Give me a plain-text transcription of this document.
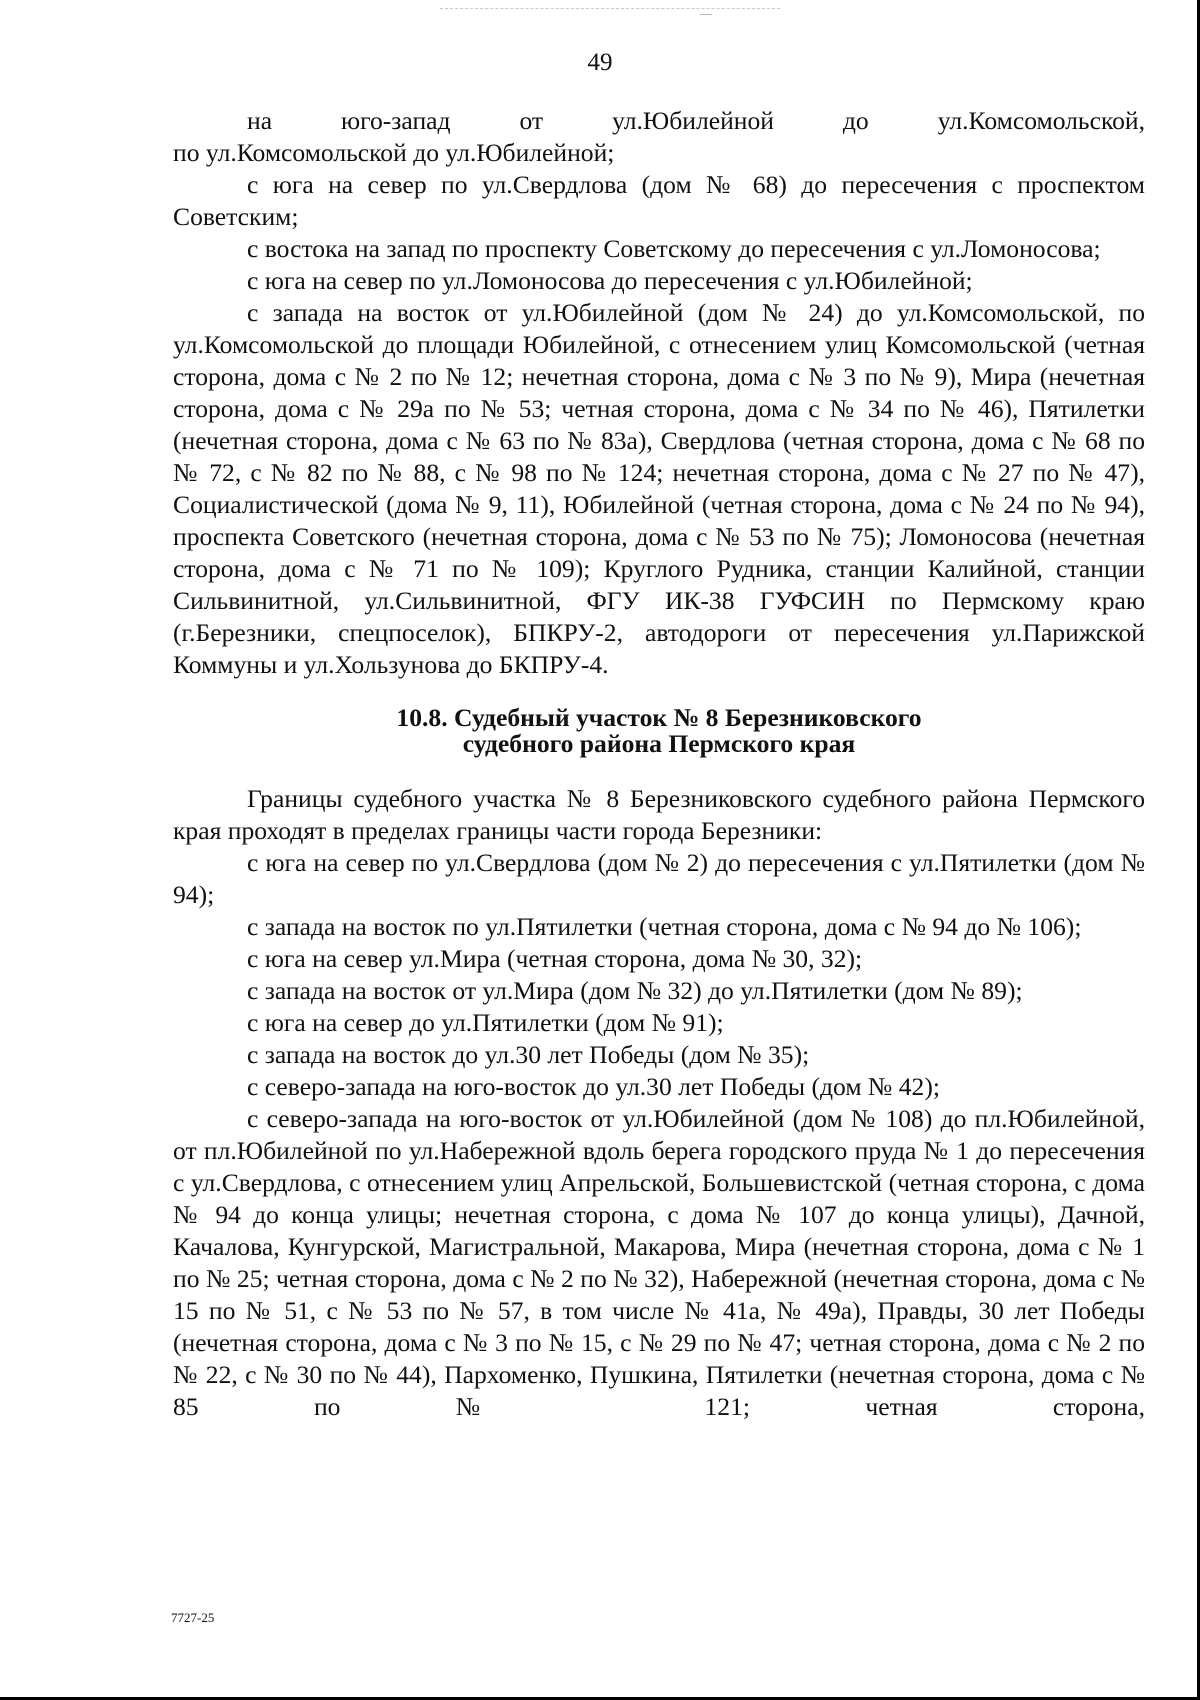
49

на юго-запад от ул.Юбилейной до ул.Комсомольской,

по ул.Комсомольской до ул.Юбилейной;

с юга на север по ул.Свердлова (дом № 68) до пересечения с проспектом Советским;

с востока на запад по проспекту Советскому до пересечения с ул.Ломоносова;

с юга на север по ул.Ломоносова до пересечения с ул.Юбилейной;

с запада на восток от ул.Юбилейной (дом № 24) до ул.Комсомольской, по ул.Комсомольской до площади Юбилейной, с отнесением улиц Комсомольской (четная сторона, дома с № 2 по № 12; нечетная сторона, дома с № 3 по № 9), Мира (нечетная сторона, дома с № 29а по № 53; четная сторона, дома с № 34 по № 46), Пятилетки (нечетная сторона, дома с № 63 по № 83а), Свердлова (четная сторона, дома с № 68 по № 72, с № 82 по № 88, с № 98 по № 124; нечетная сторона, дома с № 27 по № 47), Социалистической (дома № 9, 11), Юбилейной (четная сторона, дома с № 24 по № 94), проспекта Советского (нечетная сторона, дома с № 53 по № 75); Ломоносова (нечетная сторона, дома с № 71 по № 109); Круглого Рудника, станции Калийной, станции Сильвинитной, ул.Сильвинитной, ФГУ ИК-38 ГУФСИН по Пермскому краю (г.Березники, спецпоселок), БПКРУ-2, автодороги от пересечения ул.Парижской Коммуны и ул.Хользунова до БКПРУ-4.

10.8. Судебный участок № 8 Березниковского
судебного района Пермского края

Границы судебного участка № 8 Березниковского судебного района Пермского края проходят в пределах границы части города Березники:

с юга на север по ул.Свердлова (дом № 2) до пересечения с ул.Пятилетки (дом № 94);

с запада на восток по ул.Пятилетки (четная сторона, дома с № 94 до № 106);

с юга на север ул.Мира (четная сторона, дома № 30, 32);

с запада на восток от ул.Мира (дом № 32) до ул.Пятилетки (дом № 89);

с юга на север до ул.Пятилетки (дом № 91);

с запада на восток до ул.30 лет Победы (дом № 35);

с северо-запада на юго-восток до ул.30 лет Победы (дом № 42);

с северо-запада на юго-восток от ул.Юбилейной (дом № 108) до пл.Юбилейной, от пл.Юбилейной по ул.Набережной вдоль берега городского пруда № 1 до пересечения с ул.Свердлова, с отнесением улиц Апрельской, Большевистской (четная сторона, с дома № 94 до конца улицы; нечетная сторона, с дома № 107 до конца улицы), Дачной, Качалова, Кунгурской, Магистральной, Макарова, Мира (нечетная сторона, дома с № 1 по № 25; четная сторона, дома с № 2 по № 32), Набережной (нечетная сторона, дома с № 15 по № 51, с № 53 по № 57, в том числе № 41а, № 49а), Правды, 30 лет Победы (нечетная сторона, дома с № 3 по № 15, с № 29 по № 47; четная сторона, дома с № 2 по № 22, с № 30 по № 44), Пархоменко, Пушкина, Пятилетки (нечетная сторона, дома с № 85 по № 121; четная сторона,

7727-25
